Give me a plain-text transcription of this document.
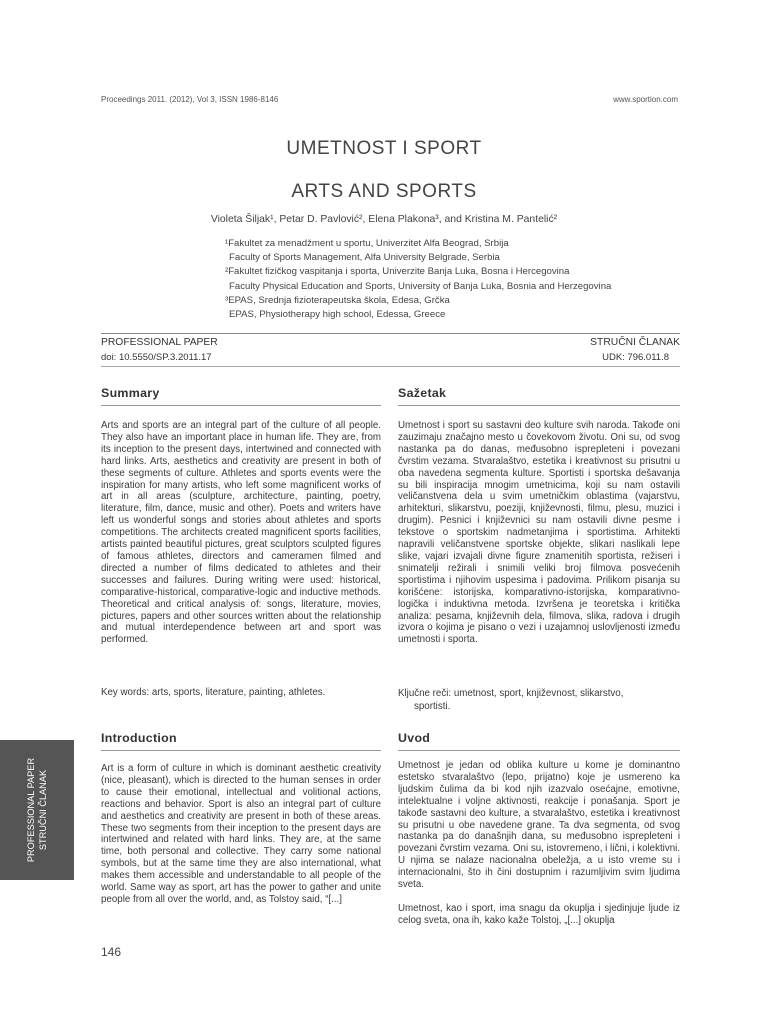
Proceedings 2011. (2012), Vol 3, ISSN 1986-8146	www.sportion.com
UMETNOST I SPORT
ARTS AND SPORTS
Violeta Šiljak¹, Petar D. Pavlović², Elena Plakona³, and Kristina M. Pantelić²
¹Fakultet za menadžment u sportu, Univerzitet Alfa Beograd, Srbija
Faculty of Sports Management, Alfa University Belgrade, Serbia
²Fakultet fizičkog vaspitanja i sporta, Univerzite Banja Luka, Bosna i Hercegovina
Faculty Physical Education and Sports, University of Banja Luka, Bosnia and Herzegovina
³EPAS, Srednja fizioterapeutska škola, Edesa, Grčka
EPAS, Physiotherapy high school, Edessa, Greece
PROFESSIONAL PAPER	STRUČNI ČLANAK
doi: 10.5550/SP.3.2011.17	UDK: 796.011.8
Summary

Arts and sports are an integral part of the culture of all people. They also have an important place in human life. They are, from its inception to the present days, intertwined and connected with hard links. Arts, aesthetics and creativity are present in both of these segments of culture. Athletes and sports events were the inspiration for many artists, who left some magnificent works of art in all areas (sculpture, architecture, painting, poetry, literature, film, dance, music and other). Poets and writers have left us wonderful songs and stories about athletes and sports competitions. The architects created magnificent sports facilities, artists painted beautiful pictures, great sculptors sculpted figures of famous athletes, directors and cameramen filmed and directed a number of films dedicated to athletes and their successes and failures. During writing were used: historical, comparative-historical, comparative-logic and inductive methods. Theoretical and critical analysis of: songs, literature, movies, pictures, papers and other sources written about the relationship and mutual interdependence between art and sport was performed.

Key words: arts, sports, literature, painting, athletes.

Sažetak

Umetnost i sport su sastavni deo kulture svih naroda. Takođe oni zauzimaju značajno mesto u čovekovom životu. Oni su, od svog nastanka pa do danas, međusobno isprepleteni i povezani čvrstim vezama. Stvaralaštvo, estetika i kreativnost su prisutni u oba navedena segmenta kulture. Sportisti i sportska dešavanja su bili inspiracija mnogim umetnicima, koji su nam ostavili veličanstvena dela u svim umetničkim oblastima (vajarstvu, arhitekturi, slikarstvu, poeziji, književnosti, filmu, plesu, muzici i drugim). Pesnici i književnici su nam ostavili divne pesme i tekstove o sportskim nadmetanjima i sportistima. Arhitekti napravili veličanstvene sportske objekte, slikari naslikali lepe slike, vajari izvajali divne figure znamenitih sportista, režiseri i snimatelji režirali i snimili veliki broj filmova posvećenih sportistima i njihovim uspesima i padovima. Prilikom pisanja su korišćene: istorijska, komparativno-istorijska, komparativno-logička i induktivna metoda. Izvršena je teoretska i kritička analiza: pesama, književnih dela, filmova, slika, radova i drugih izvora o kojima je pisano o vezi i uzajamnoj uslovljenosti između umetnosti i sporta.

Ključne reči: umetnost, sport, književnost, slikarstvo,
sportisti.
Introduction

Art is a form of culture in which is dominant aesthetic creativity (nice, pleasant), which is directed to the human senses in order to cause their emotional, intellectual and volitional actions, reactions and behavior. Sport is also an integral part of culture and aesthetics and creativity are present in both of these areas. These two segments from their inception to the present days are intertwined and related with hard links. They are, at the same time, both personal and collective. They carry some national symbols, but at the same time they are also international, what makes them accessible and understandable to all people of the world. Same way as sport, art has the power to gather and unite people from all over the world, and, as Tolstoy said, “[...]

Uvod

Umetnost je jedan od oblika kulture u kome je dominantno estetsko stvaralaštvo (lepo, prijatno) koje je usmereno ka ljudskim čulima da bi kod njih izazvalo osećajne, emotivne, intelektualne i voljne aktivnosti, reakcije i ponašanja. Sport je takođe sastavni deo kulture, a stvaralaštvo, estetika i kreativnost su prisutni u obe navedene grane. Ta dva segmenta, od svog nastanka pa do današnjih dana, su međusobno isprepleteni i povezani čvrstim vezama. Oni su, istovremeno, i lični, i kolektivni. U njima se nalaze nacionalna obeležja, a u isto vreme su i internacionalni, što ih čini dostupnim i razumljivim svim ljudima sveta.

Umetnost, kao i sport, ima snagu da okuplja i sjedinjuje ljude iz celog sveta, ona ih, kako kaže Tolstoj, „[...] okuplja

PROFESSIONAL PAPER STRUČNI ČLANAK
146
